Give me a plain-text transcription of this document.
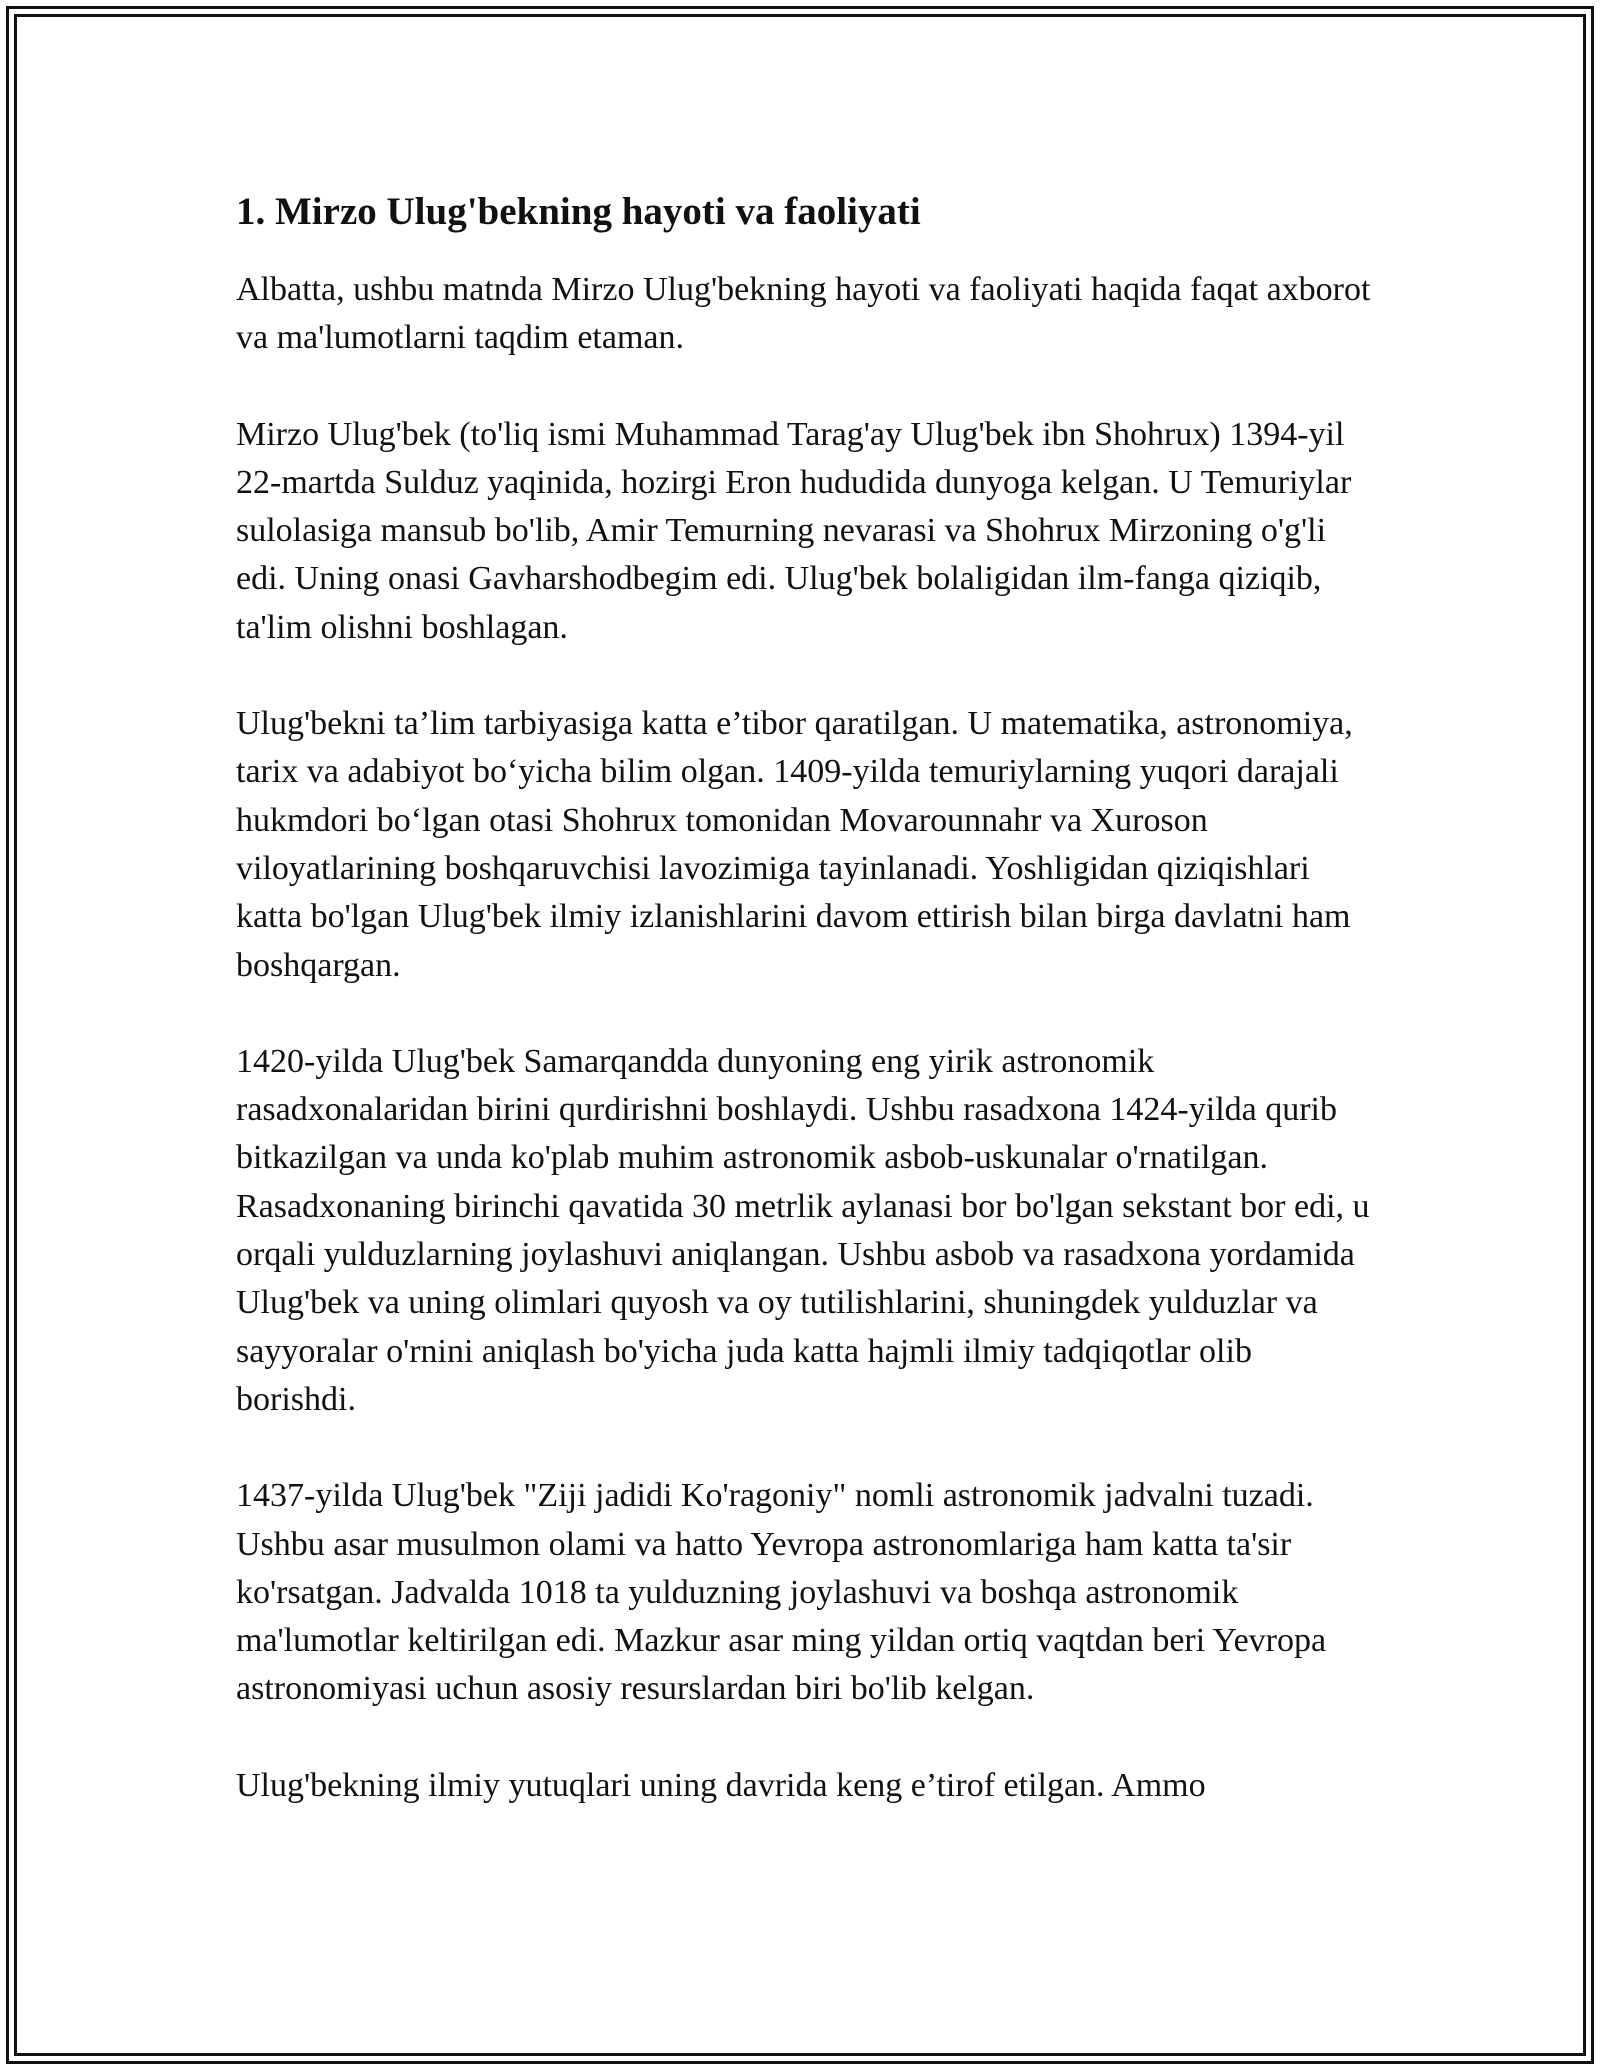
1. Mirzo Ulug'bekning hayoti va faoliyati

Albatta, ushbu matnda Mirzo Ulug'bekning hayoti va faoliyati haqida faqat axborot va ma'lumotlarni taqdim etaman.

Mirzo Ulug'bek (to'liq ismi Muhammad Tarag'ay Ulug'bek ibn Shohrux) 1394-yil 22-martda Sulduz yaqinida, hozirgi Eron hududida dunyoga kelgan. U Temuriylar sulolasiga mansub bo'lib, Amir Temurning nevarasi va Shohrux Mirzoning o'g'li edi. Uning onasi Gavharshodbegim edi. Ulug'bek bolaligidan ilm-fanga qiziqib, ta'lim olishni boshlagan.

Ulug'bekni ta’lim tarbiyasiga katta e’tibor qaratilgan. U matematika, astronomiya, tarix va adabiyot bo‘yicha bilim olgan. 1409-yilda temuriylarning yuqori darajali hukmdori bo‘lgan otasi Shohrux tomonidan Movarounnahr va Xuroson viloyatlarining boshqaruvchisi lavozimiga tayinlanadi. Yoshligidan qiziqishlari katta bo'lgan Ulug'bek ilmiy izlanishlarini davom ettirish bilan birga davlatni ham boshqargan.

1420-yilda Ulug'bek Samarqandda dunyoning eng yirik astronomik rasadxonalaridan birini qurdirishni boshlaydi. Ushbu rasadxona 1424-yilda qurib bitkazilgan va unda ko'plab muhim astronomik asbob-uskunalar o'rnatilgan. Rasadxonaning birinchi qavatida 30 metrlik aylanasi bor bo'lgan sekstant bor edi, u orqali yulduzlarning joylashuvi aniqlangan. Ushbu asbob va rasadxona yordamida Ulug'bek va uning olimlari quyosh va oy tutilishlarini, shuningdek yulduzlar va sayyoralar o'rnini aniqlash bo'yicha juda katta hajmli ilmiy tadqiqotlar olib borishdi.

1437-yilda Ulug'bek "Ziji jadidi Ko'ragoniy" nomli astronomik jadvalni tuzadi. Ushbu asar musulmon olami va hatto Yevropa astronomlariga ham katta ta'sir ko'rsatgan. Jadvalda 1018 ta yulduzning joylashuvi va boshqa astronomik ma'lumotlar keltirilgan edi. Mazkur asar ming yildan ortiq vaqtdan beri Yevropa astronomiyasi uchun asosiy resurslardan biri bo'lib kelgan.

Ulug'bekning ilmiy yutuqlari uning davrida keng e’tirof etilgan. Ammo
